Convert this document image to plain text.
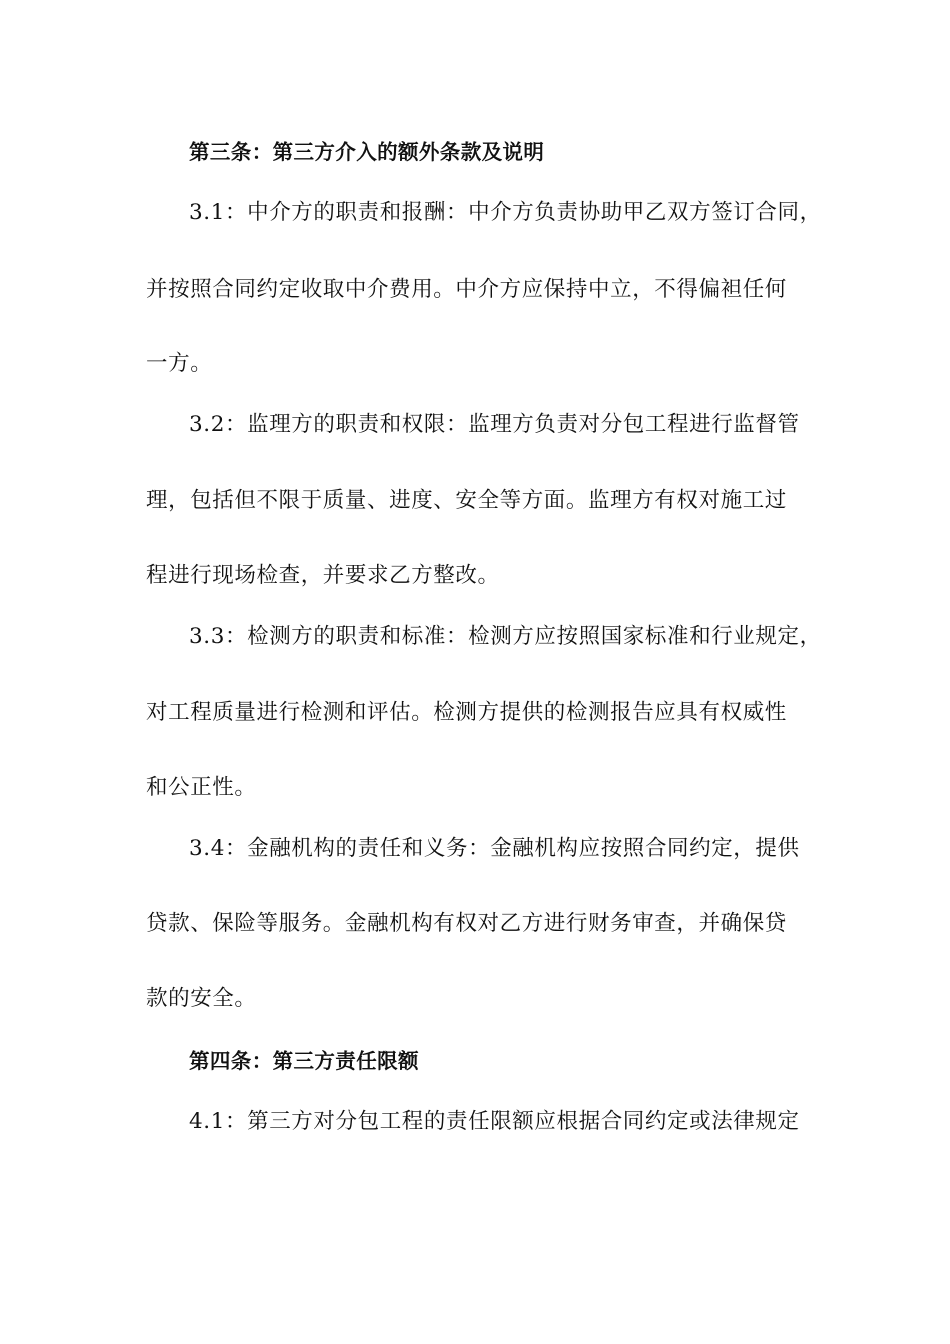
第三条：第三方介入的额外条款及说明
3.1：中介方的职责和报酬：中介方负责协助甲乙双方签订合同，
并按照合同约定收取中介费用。中介方应保持中立，不得偏袒任何
一方。
3.2：监理方的职责和权限：监理方负责对分包工程进行监督管
理，包括但不限于质量、进度、安全等方面。监理方有权对施工过
程进行现场检查，并要求乙方整改。
3.3：检测方的职责和标准：检测方应按照国家标准和行业规定，
对工程质量进行检测和评估。检测方提供的检测报告应具有权威性
和公正性。
3.4：金融机构的责任和义务：金融机构应按照合同约定，提供
贷款、保险等服务。金融机构有权对乙方进行财务审查，并确保贷
款的安全。
第四条：第三方责任限额
4.1：第三方对分包工程的责任限额应根据合同约定或法律规定
